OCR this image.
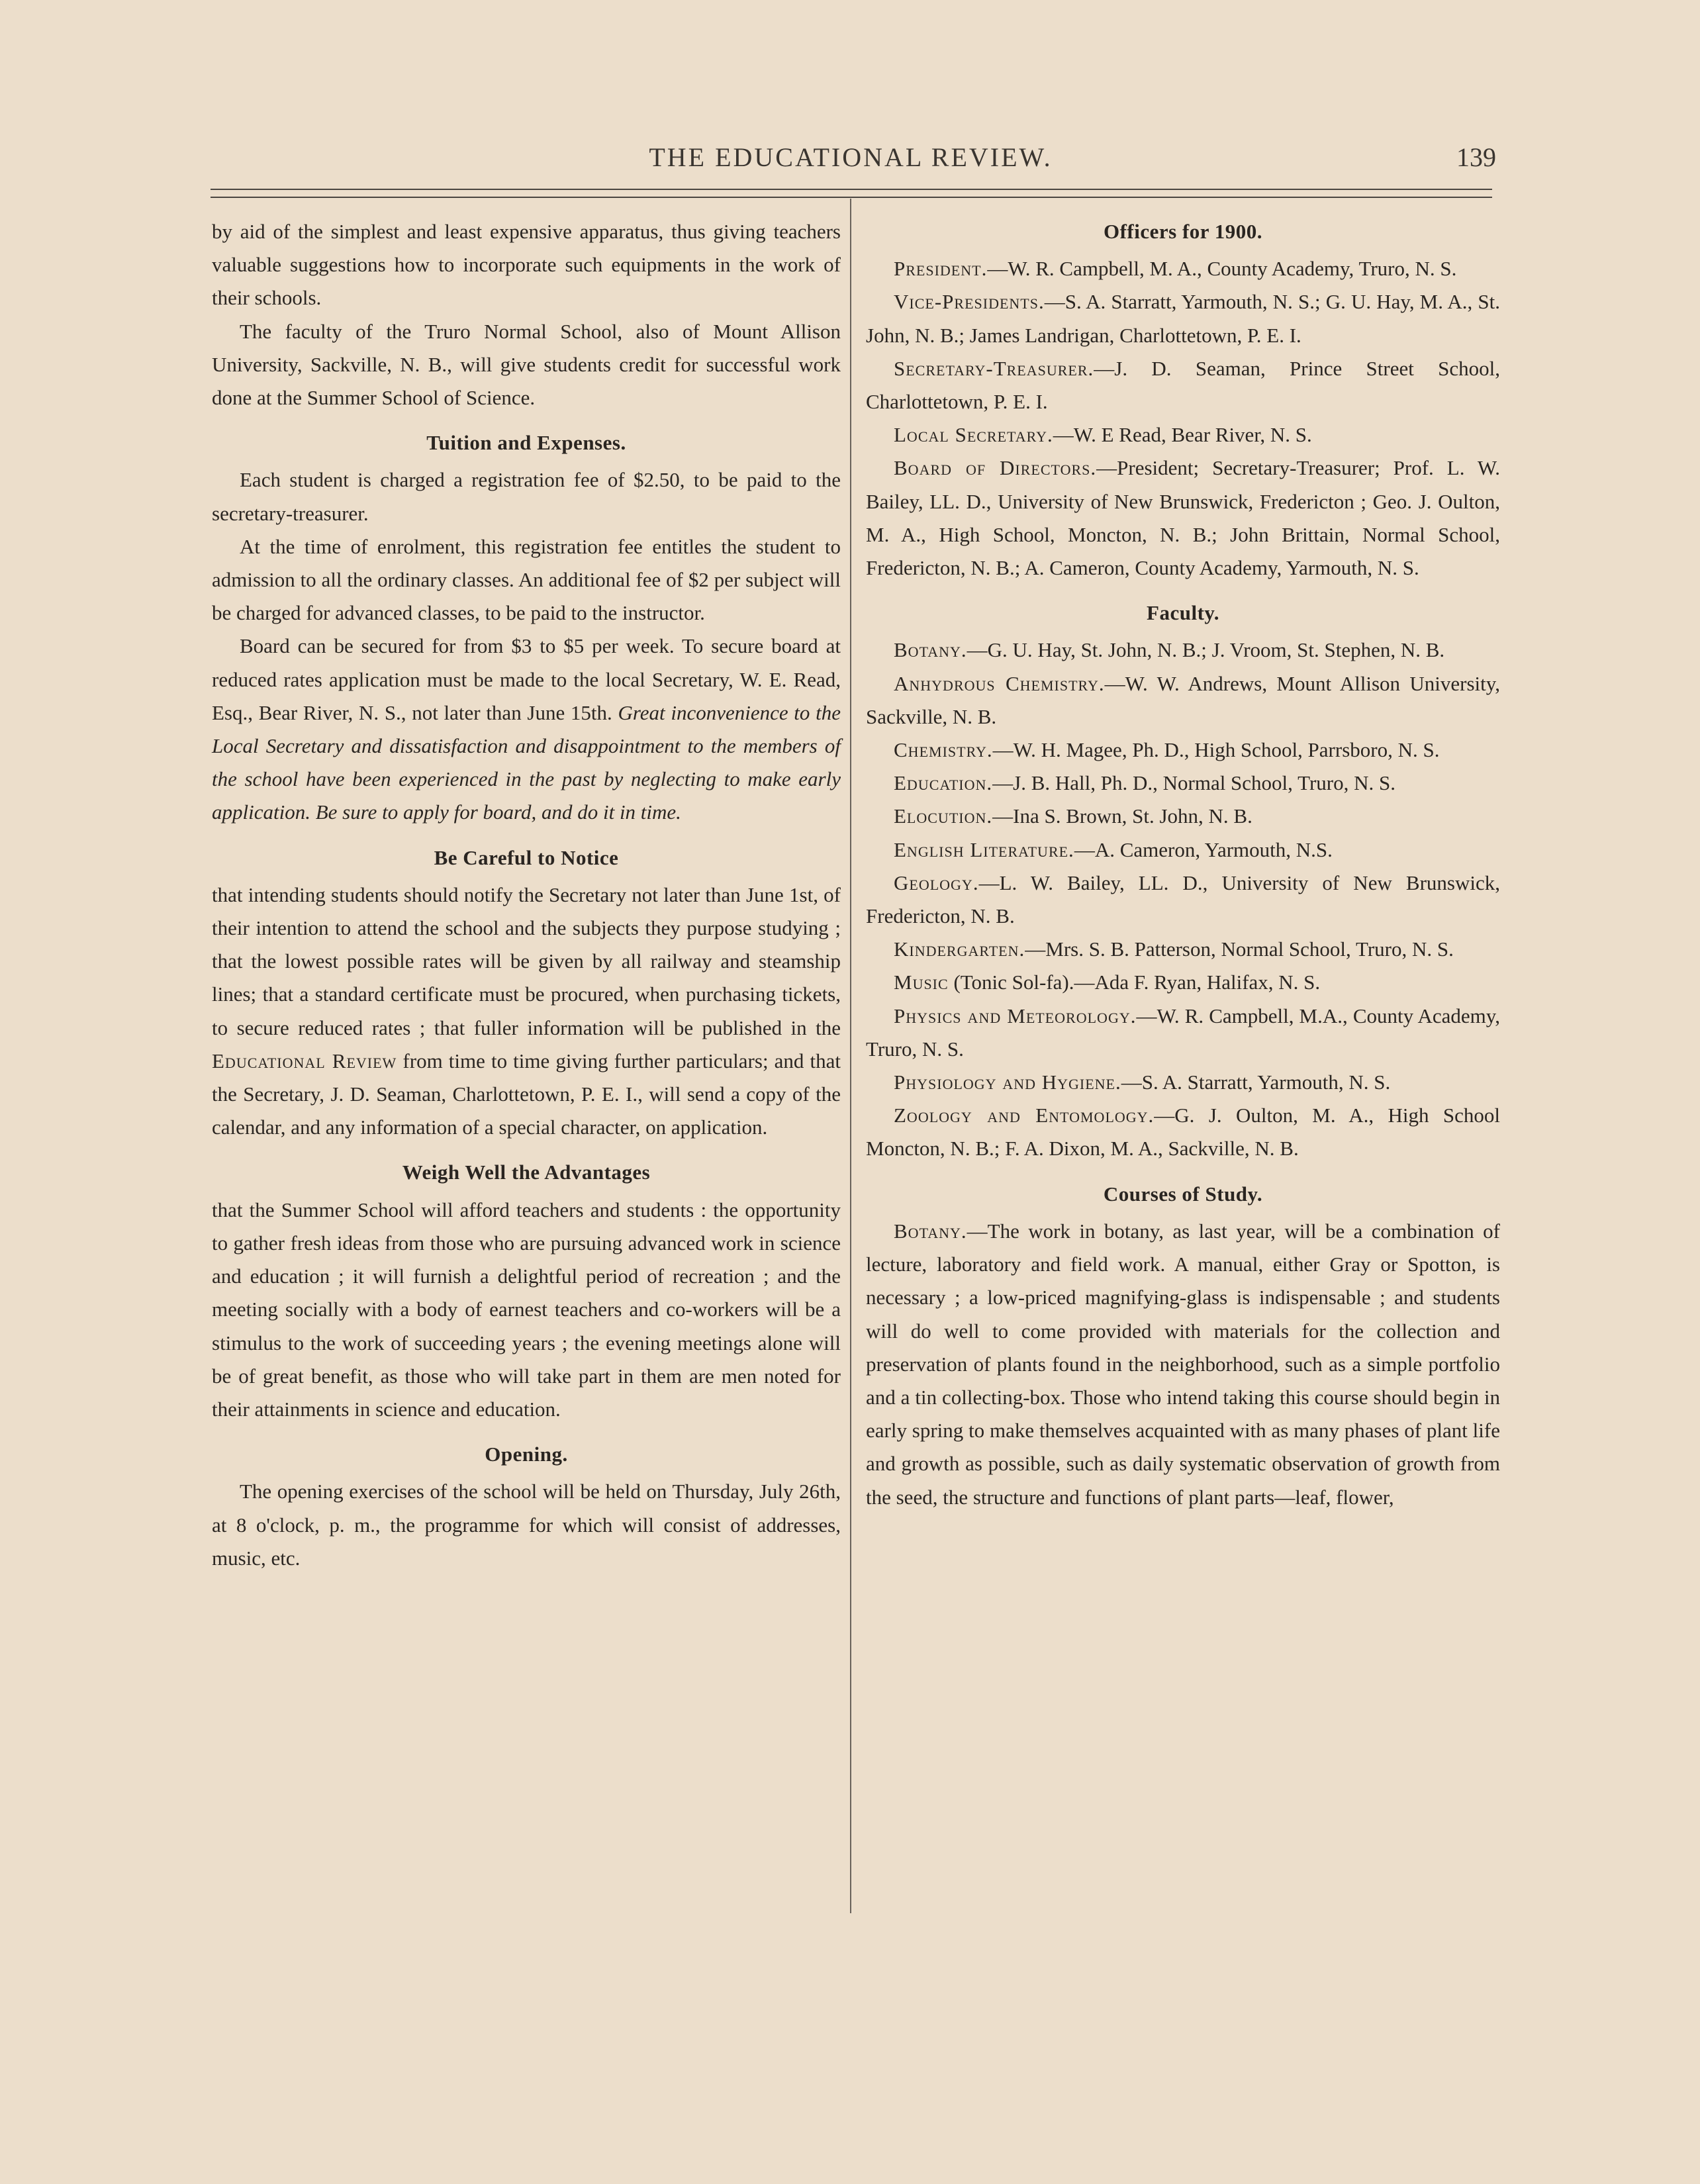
THE EDUCATIONAL REVIEW.	139

by aid of the simplest and least expensive apparatus, thus giving teachers valuable suggestions how to incorporate such equipments in the work of their schools.

The faculty of the Truro Normal School, also of Mount Allison University, Sackville, N. B., will give students credit for successful work done at the Summer School of Science.

Tuition and Expenses.

Each student is charged a registration fee of $2.50, to be paid to the secretary-treasurer.

At the time of enrolment, this registration fee entitles the student to admission to all the ordinary classes. An additional fee of $2 per subject will be charged for advanced classes, to be paid to the instructor.

Board can be secured for from $3 to $5 per week. To secure board at reduced rates application must be made to the local Secretary, W. E. Read, Esq., Bear River, N. S., not later than June 15th. Great inconvenience to the Local Secretary and dissatisfaction and disappointment to the members of the school have been experienced in the past by neglecting to make early application. Be sure to apply for board, and do it in time.

Be Careful to Notice

that intending students should notify the Secretary not later than June 1st, of their intention to attend the school and the subjects they purpose studying ; that the lowest possible rates will be given by all railway and steamship lines; that a standard certificate must be procured, when purchasing tickets, to secure reduced rates ; that fuller information will be published in the Educational Review from time to time giving further particulars; and that the Secretary, J. D. Seaman, Charlottetown, P. E. I., will send a copy of the calendar, and any information of a special character, on application.

Weigh Well the Advantages

that the Summer School will afford teachers and students : the opportunity to gather fresh ideas from those who are pursuing advanced work in science and education ; it will furnish a delightful period of recreation ; and the meeting socially with a body of earnest teachers and co-workers will be a stimulus to the work of succeeding years ; the evening meetings alone will be of great benefit, as those who will take part in them are men noted for their attainments in science and education.

Opening.

The opening exercises of the school will be held on Thursday, July 26th, at 8 o'clock, p. m., the programme for which will consist of addresses, music, etc.

Officers for 1900.

President.—W. R. Campbell, M. A., County Academy, Truro, N. S.

Vice-Presidents.—S. A. Starratt, Yarmouth, N. S.; G. U. Hay, M. A., St. John, N. B.; James Landrigan, Charlottetown, P. E. I.

Secretary-Treasurer.—J. D. Seaman, Prince Street School, Charlottetown, P. E. I.

Local Secretary.—W. E Read, Bear River, N. S.

Board of Directors.—President; Secretary-Treasurer; Prof. L. W. Bailey, LL. D., University of New Brunswick, Fredericton ; Geo. J. Oulton, M. A., High School, Moncton, N. B.; John Brittain, Normal School, Fredericton, N. B.; A. Cameron, County Academy, Yarmouth, N. S.

Faculty.

Botany.—G. U. Hay, St. John, N. B.; J. Vroom, St. Stephen, N. B.

Anhydrous Chemistry.—W. W. Andrews, Mount Allison University, Sackville, N. B.

Chemistry.—W. H. Magee, Ph. D., High School, Parrsboro, N. S.

Education.—J. B. Hall, Ph. D., Normal School, Truro, N. S.

Elocution.—Ina S. Brown, St. John, N. B.

English Literature.—A. Cameron, Yarmouth, N.S.

Geology.—L. W. Bailey, LL. D., University of New Brunswick, Fredericton, N. B.

Kindergarten.—Mrs. S. B. Patterson, Normal School, Truro, N. S.

Music (Tonic Sol-fa).—Ada F. Ryan, Halifax, N. S.

Physics and Meteorology.—W. R. Campbell, M.A., County Academy, Truro, N. S.

Physiology and Hygiene.—S. A. Starratt, Yarmouth, N. S.

Zoology and Entomology.—G. J. Oulton, M. A., High School Moncton, N. B.; F. A. Dixon, M. A., Sackville, N. B.

Courses of Study.

Botany.—The work in botany, as last year, will be a combination of lecture, laboratory and field work. A manual, either Gray or Spotton, is necessary ; a low-priced magnifying-glass is indispensable ; and students will do well to come provided with materials for the collection and preservation of plants found in the neighborhood, such as a simple portfolio and a tin collecting-box. Those who intend taking this course should begin in early spring to make themselves acquainted with as many phases of plant life and growth as possible, such as daily systematic observation of growth from the seed, the structure and functions of plant parts—leaf, flower,
